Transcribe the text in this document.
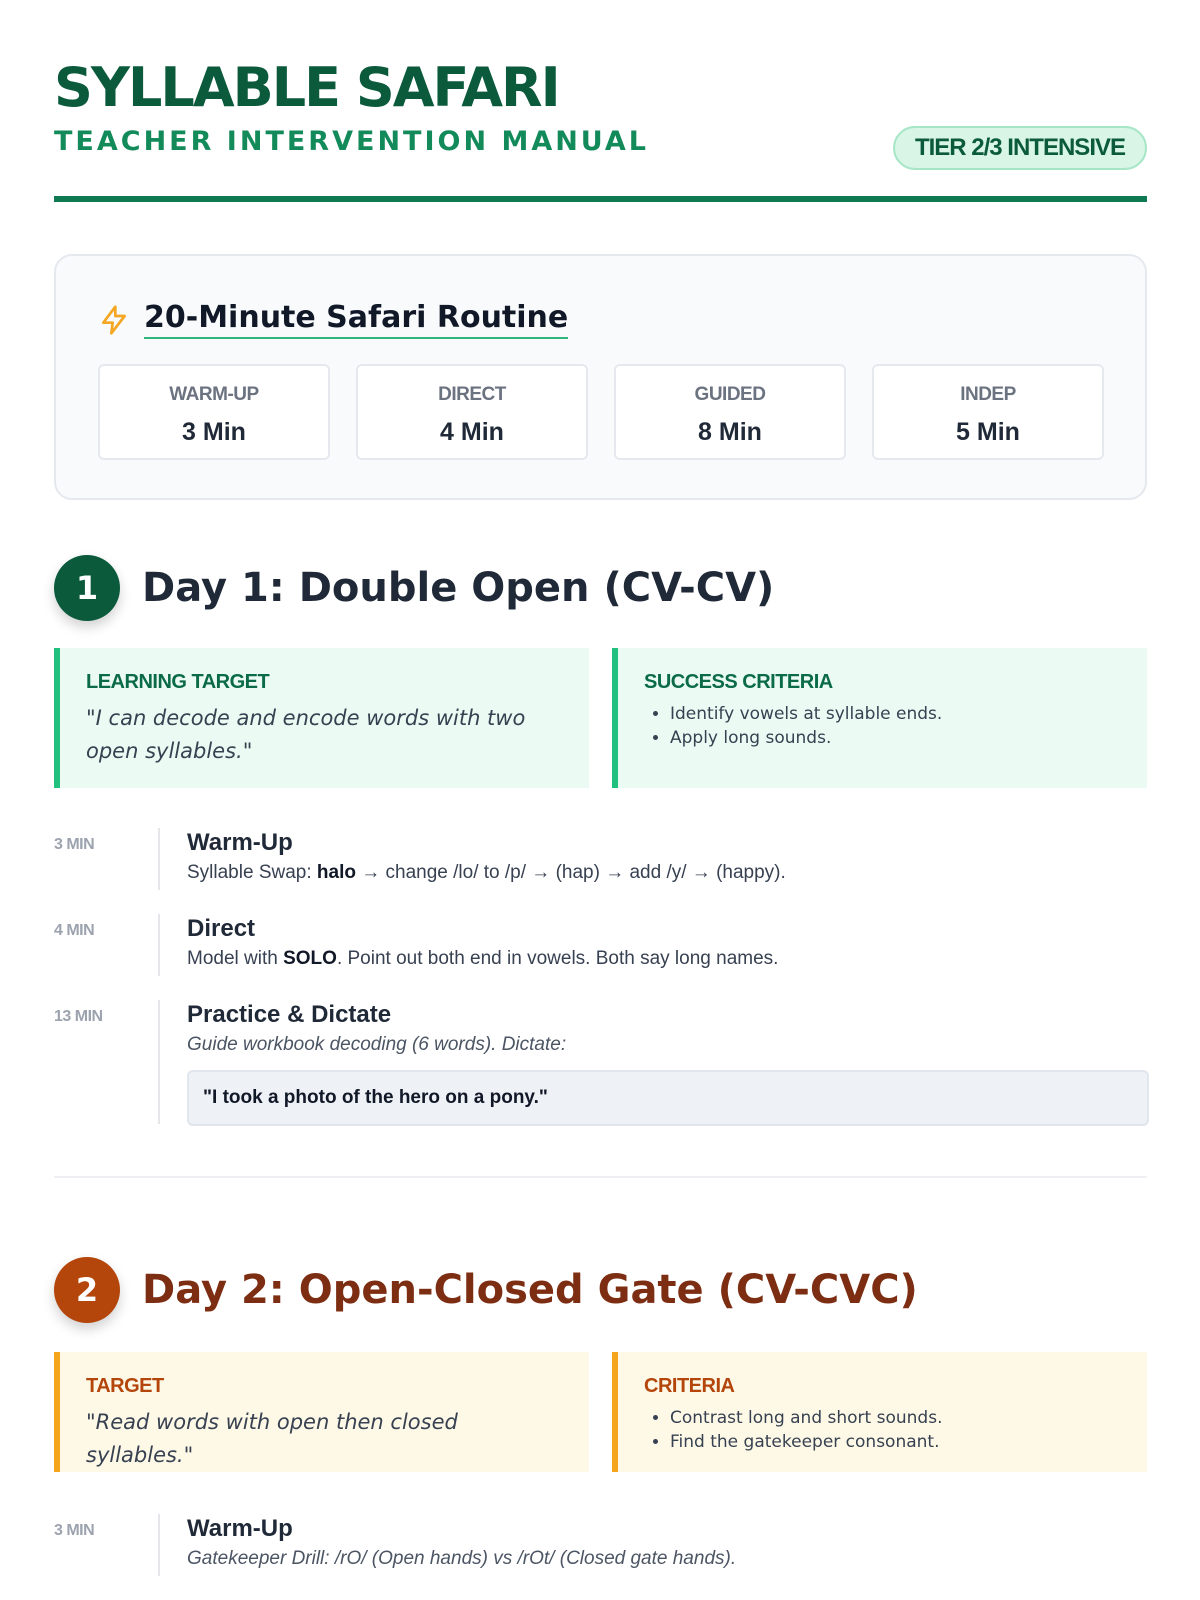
SYLLABLE SAFARI
TEACHER INTERVENTION MANUAL	TIER 2/3 INTENSIVE
20-Minute Safari Routine
WARM-UP
3 Min
DIRECT
4 Min
GUIDED
8 Min
INDEP
5 Min
1	Day 1: Double Open (CV-CV)
LEARNING TARGET
"I can decode and encode words with two open syllables."
SUCCESS CRITERIA
• Identify vowels at syllable ends.
• Apply long sounds.
3 MIN	Warm-Up
Syllable Swap: halo → change /lo/ to /p/ → (hap) → add /y/ → (happy).
4 MIN	Direct
Model with SOLO. Point out both end in vowels. Both say long names.
13 MIN	Practice & Dictate
Guide workbook decoding (6 words). Dictate:
"I took a photo of the hero on a pony."
2	Day 2: Open-Closed Gate (CV-CVC)
TARGET
"Read words with open then closed syllables."
CRITERIA
• Contrast long and short sounds.
• Find the gatekeeper consonant.
3 MIN	Warm-Up
Gatekeeper Drill: /rO/ (Open hands) vs /rOt/ (Closed gate hands).
